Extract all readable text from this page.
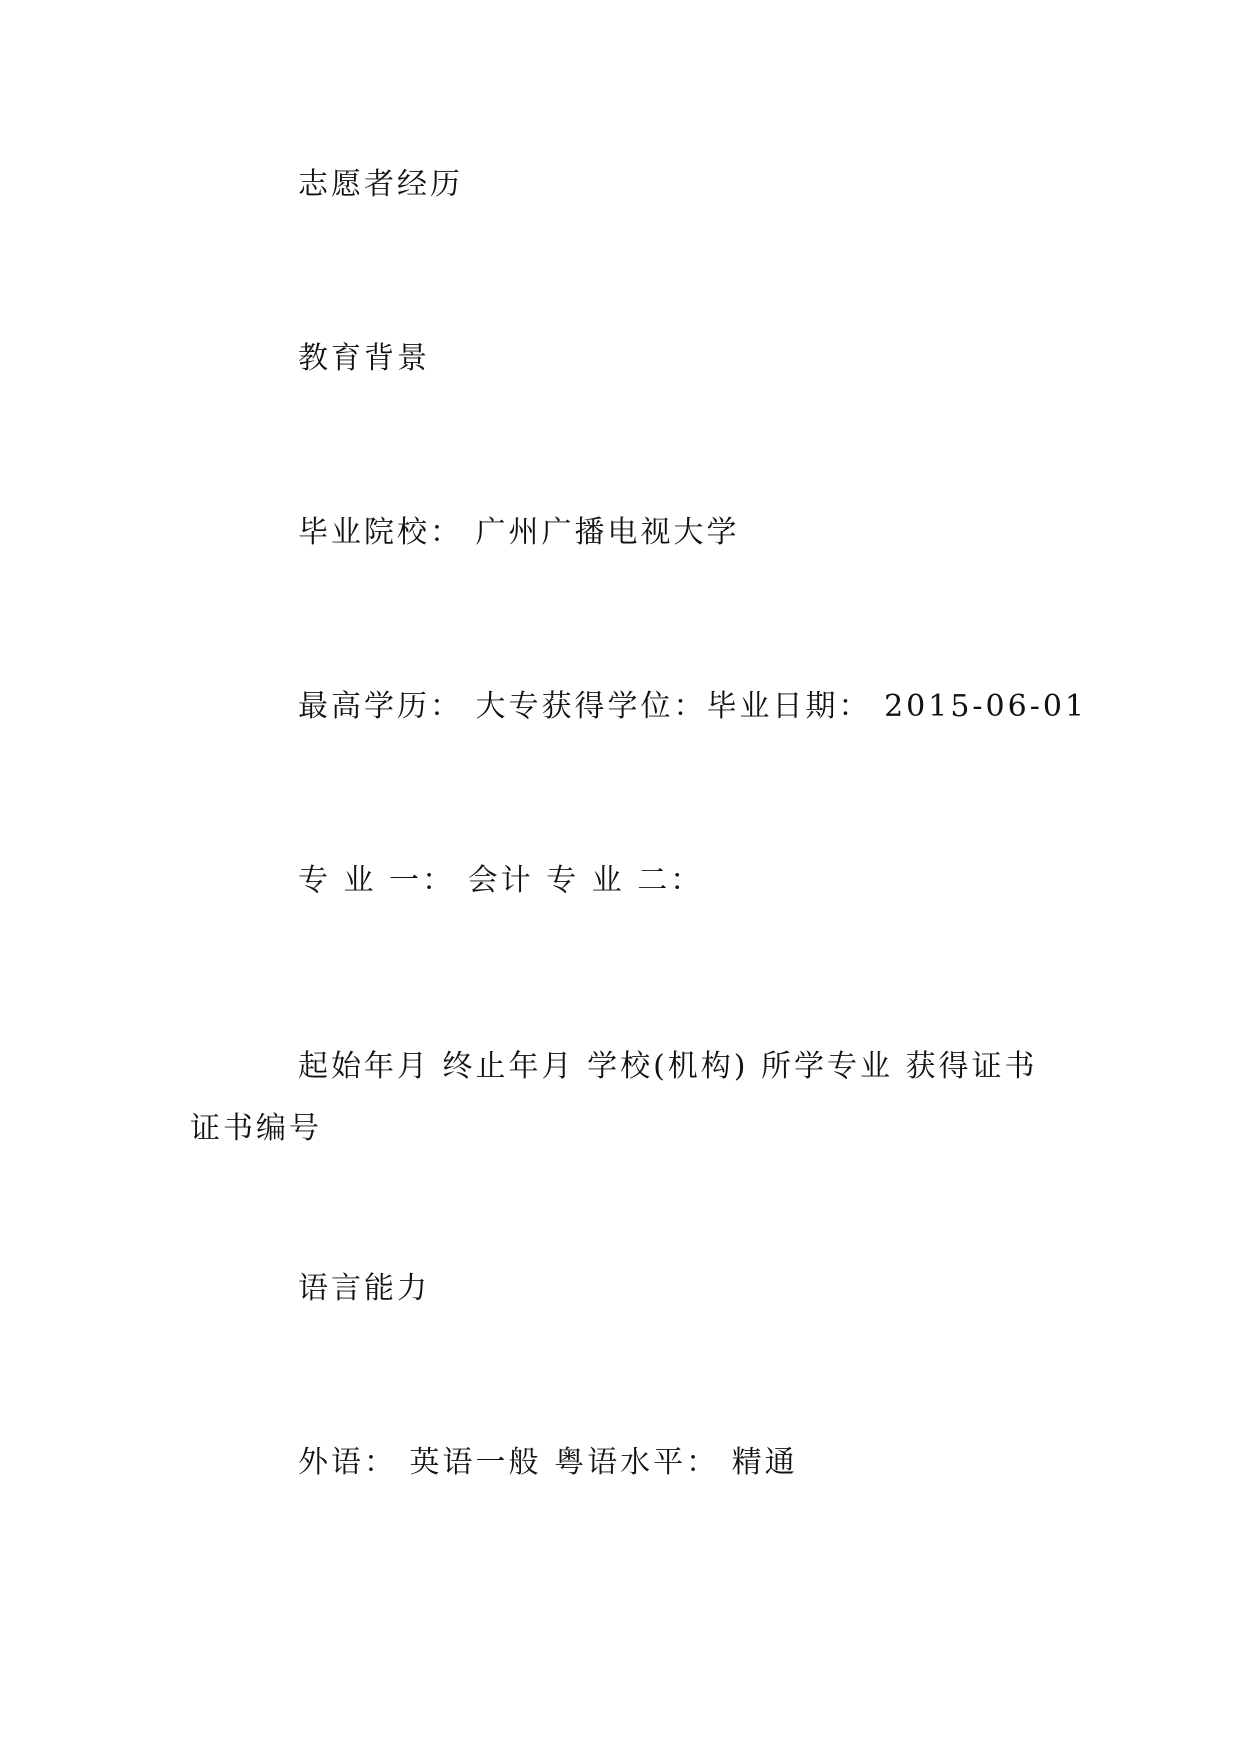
志愿者经历
教育背景
毕业院校： 广州广播电视大学
最高学历： 大专获得学位：毕业日期： 2015-06-01
专 业 一： 会计 专 业 二：
起始年月 终止年月 学校(机构) 所学专业 获得证书 证书编号
语言能力
外语： 英语一般 粤语水平： 精通
